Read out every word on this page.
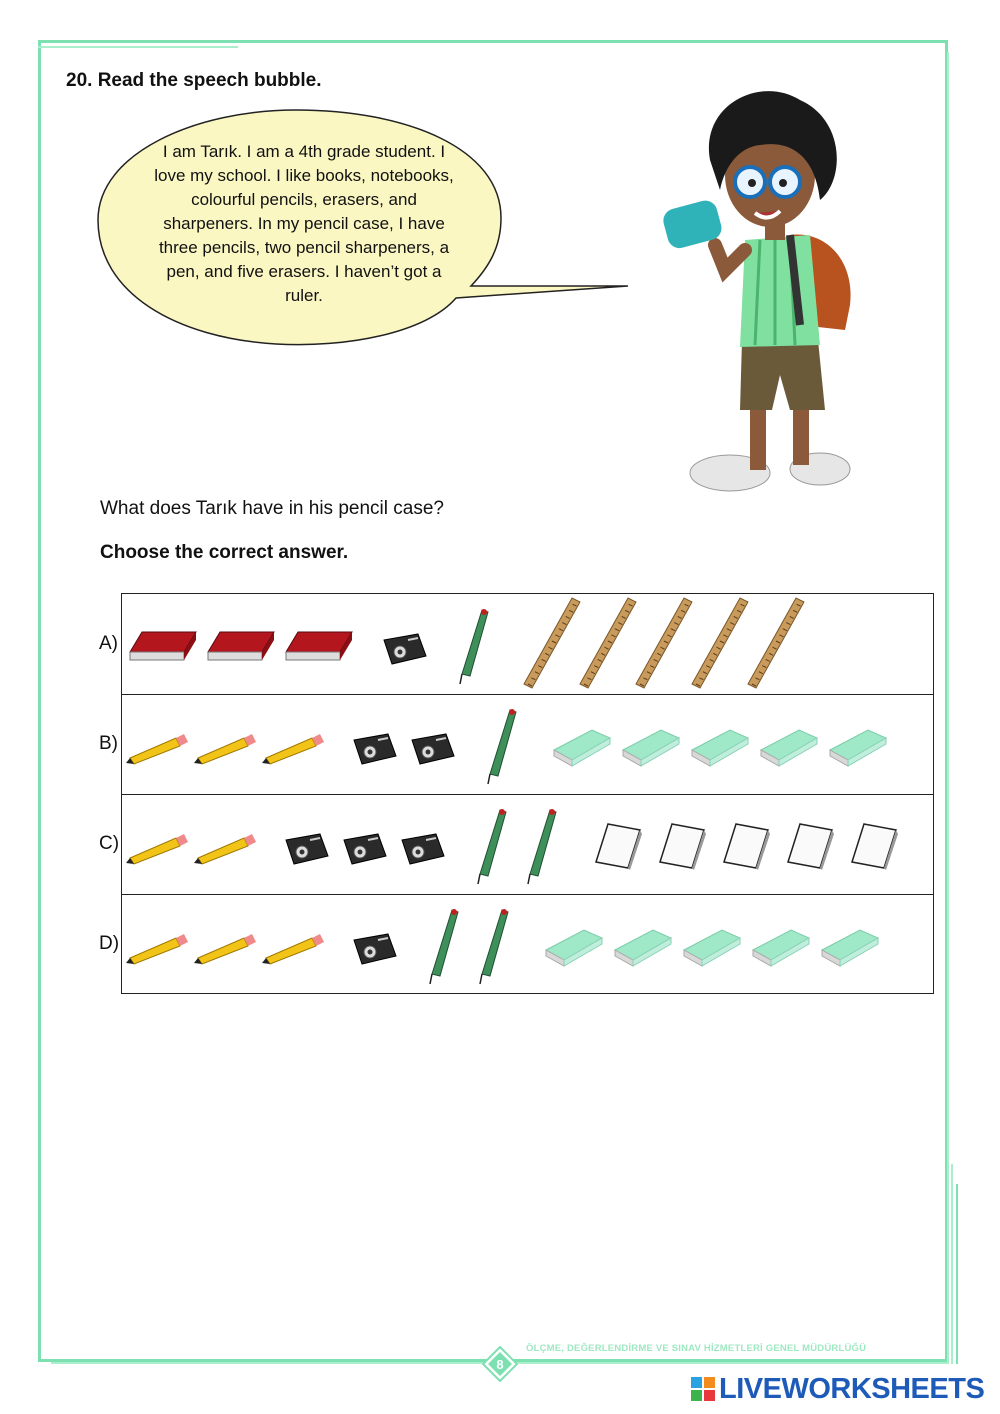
20. Read the speech bubble.
I am Tarık. I am a 4th grade student. I love my school. I like books, notebooks, colourful pencils, erasers, and sharpeners. In my pencil case, I have three pencils, two pencil sharpeners, a pen, and five erasers. I haven’t got a ruler.
What does Tarık have in his pencil case?
Choose the correct answer.
A)
B)
C)
D)
8
ÖLÇME, DEĞERLENDİRME VE SINAV HİZMETLERİ GENEL MÜDÜRLÜĞÜ
LIVEWORKSHEETS
